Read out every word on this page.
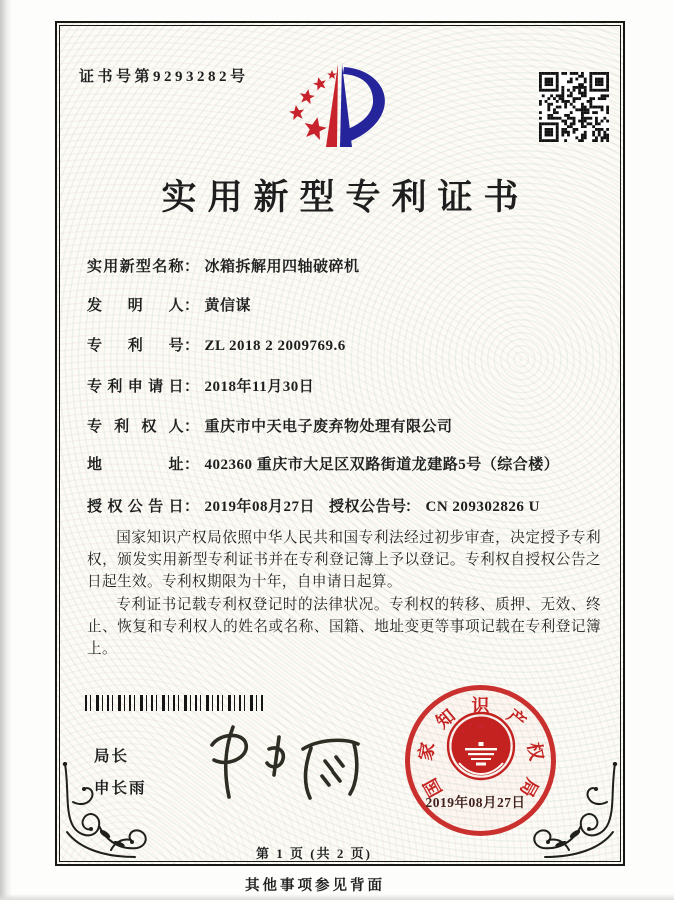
证书号第9293282号
实用新型专利证书
实用新型名称： 冰箱拆解用四轴破碎机
发明人： 黄信谋
专利号： ZL 2018 2 2009769.6
专利申请日： 2018年11月30日
专利权人： 重庆市中天电子废弃物处理有限公司
地址： 402360 重庆市大足区双路街道龙建路5号（综合楼）
授权公告日： 2019年08月27日 授权公告号： CN 209302826 U

国家知识产权局依照中华人民共和国专利法经过初步审查，决定授予专利权，颁发实用新型专利证书并在专利登记簿上予以登记。专利权自授权公告之日起生效。专利权期限为十年，自申请日起算。

专利证书记载专利权登记时的法律状况。专利权的转移、质押、无效、终止、恢复和专利权人的姓名或名称、国籍、地址变更等事项记载在专利登记簿上。

局长
申长雨	国
家
知 识 产
权
局
2019年08月27日
第 1 页 (共 2 页)
其他事项参见背面
